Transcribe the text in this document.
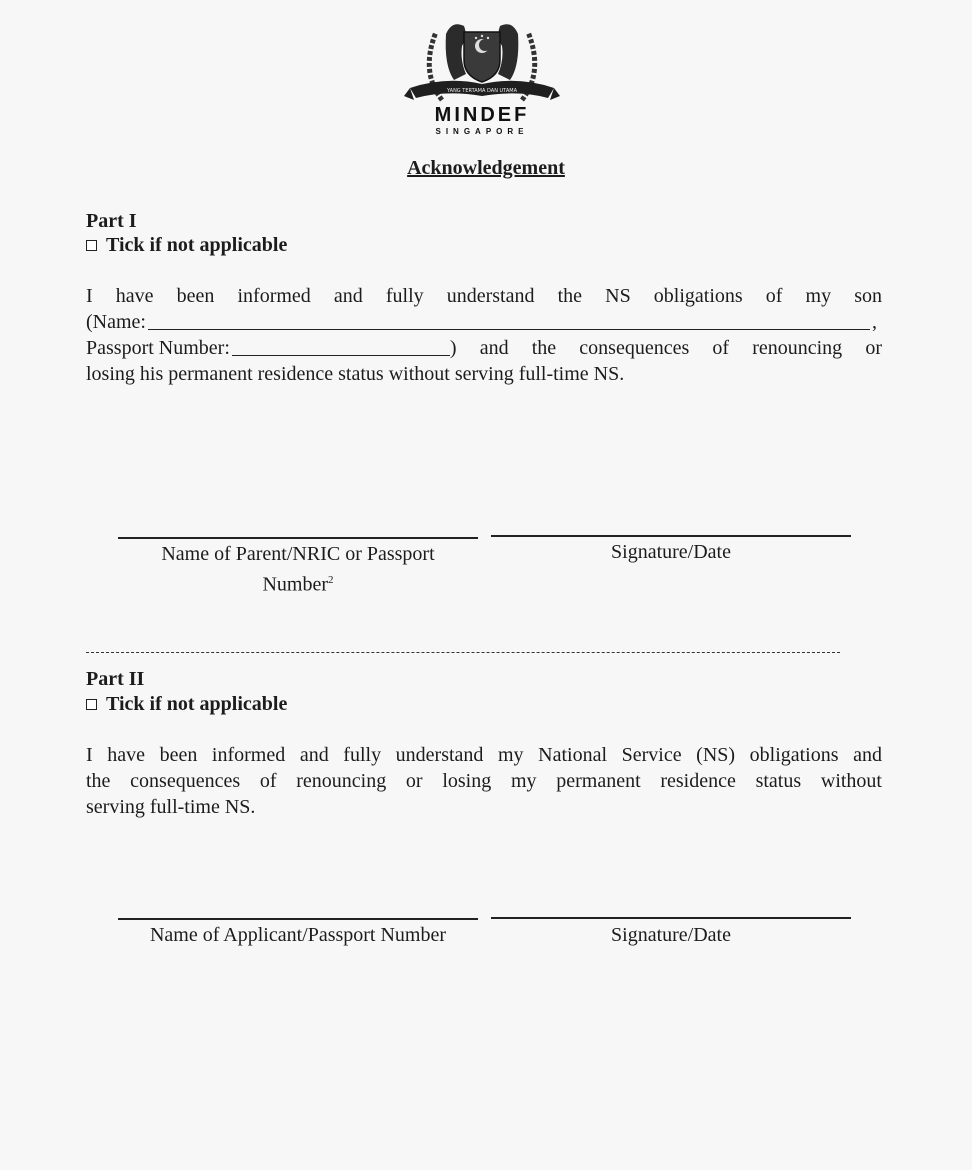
YANG TERTAMA DAN UTAMA
MINDEF
SINGAPORE
Acknowledgement
Part I
Tick if not applicable
I have been informed and fully understand the NS obligations of my son
(Name:	,
Passport Number:	) and the consequences of renouncing or
losing his permanent residence status without serving full-time NS.
Name of Parent/NRIC or Passport
Number$^2$
Signature/Date
Part II
Tick if not applicable
I have been informed and fully understand my National Service (NS) obligations and
the consequences of renouncing or losing my permanent residence status without
serving full-time NS.
Name of Applicant/Passport Number	Signature/Date
